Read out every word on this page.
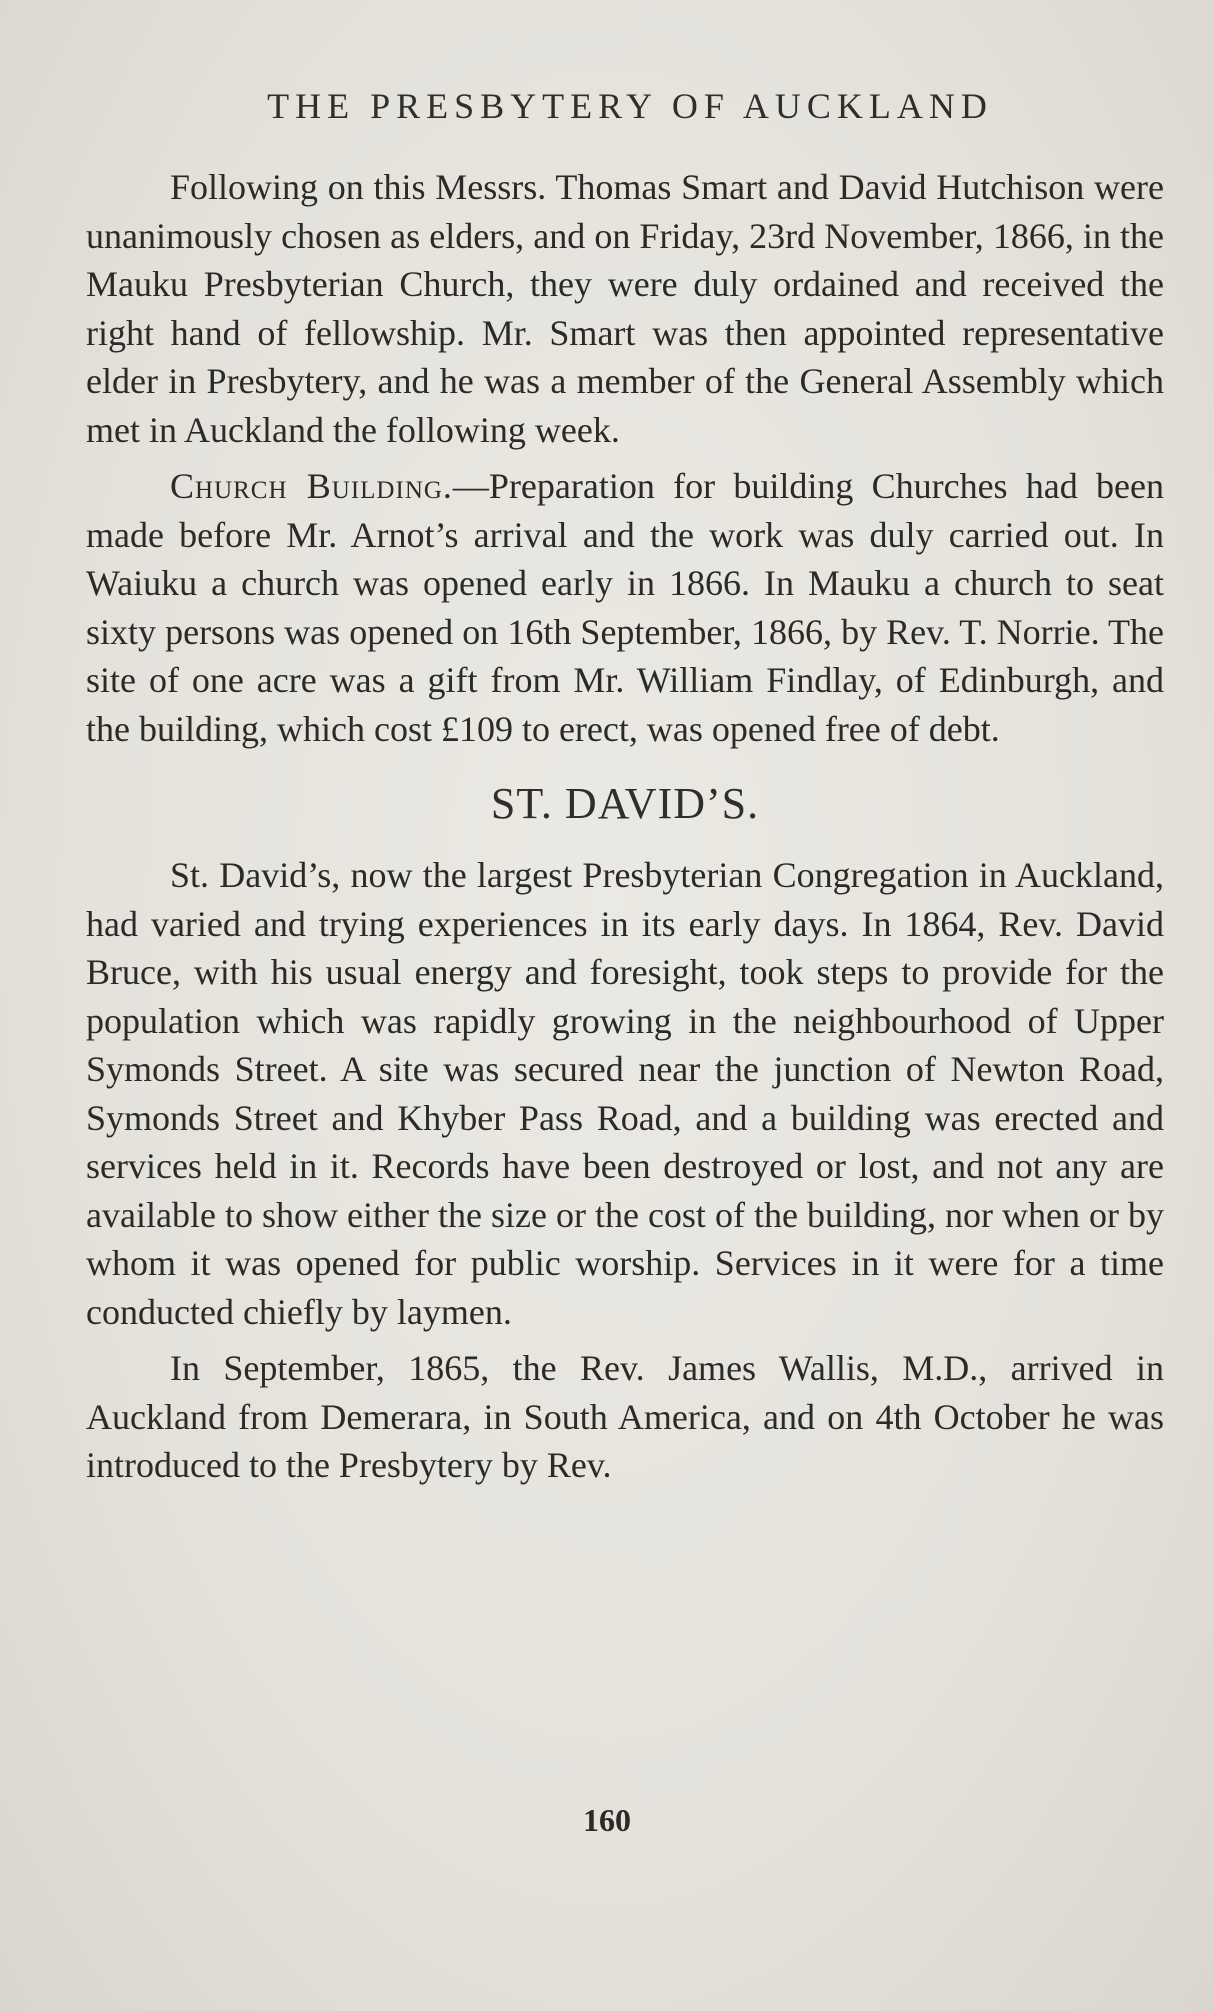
THE PRESBYTERY OF AUCKLAND

Following on this Messrs. Thomas Smart and David Hutchison were unanimously chosen as elders, and on Friday, 23rd November, 1866, in the Mauku Presbyterian Church, they were duly ordained and received the right hand of fellowship. Mr. Smart was then appointed representative elder in Presbytery, and he was a member of the General Assembly which met in Auckland the following week.

Church Building.—Preparation for building Churches had been made before Mr. Arnot’s arrival and the work was duly carried out. In Waiuku a church was opened early in 1866. In Mauku a church to seat sixty persons was opened on 16th September, 1866, by Rev. T. Norrie. The site of one acre was a gift from Mr. William Findlay, of Edinburgh, and the building, which cost £109 to erect, was opened free of debt.

ST. DAVID’S.

St. David’s, now the largest Presbyterian Congregation in Auckland, had varied and trying experiences in its early days. In 1864, Rev. David Bruce, with his usual energy and foresight, took steps to provide for the population which was rapidly growing in the neighbourhood of Upper Symonds Street. A site was secured near the junction of Newton Road, Symonds Street and Khyber Pass Road, and a building was erected and services held in it. Records have been destroyed or lost, and not any are available to show either the size or the cost of the building, nor when or by whom it was opened for public worship. Services in it were for a time conducted chiefly by laymen.

In September, 1865, the Rev. James Wallis, M.D., arrived in Auckland from Demerara, in South America, and on 4th October he was introduced to the Presbytery by Rev.

160
